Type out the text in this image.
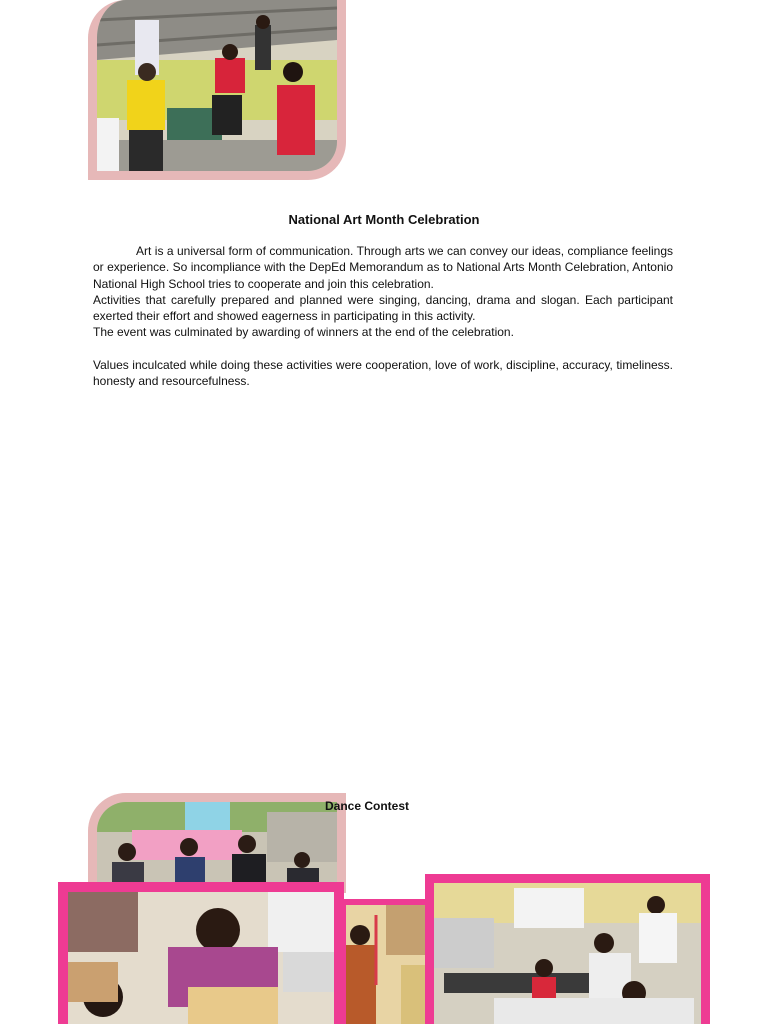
National Art Month Celebration

Art is a universal form of communication. Through arts we can convey our ideas, compliance feelings or experience. So incompliance with the DepEd Memorandum as to National Arts Month Celebration, Antonio National High School tries to cooperate and join this celebration.

Activities that carefully prepared and planned were singing, dancing, drama and slogan. Each participant exerted their effort and showed eagerness in participating in this activity.

The event was culminated by awarding of winners at the end of the celebration.

Values inculcated while doing these activities were cooperation, love of work, discipline, accuracy, timeliness. honesty and resourcefulness.

Dance Contest
